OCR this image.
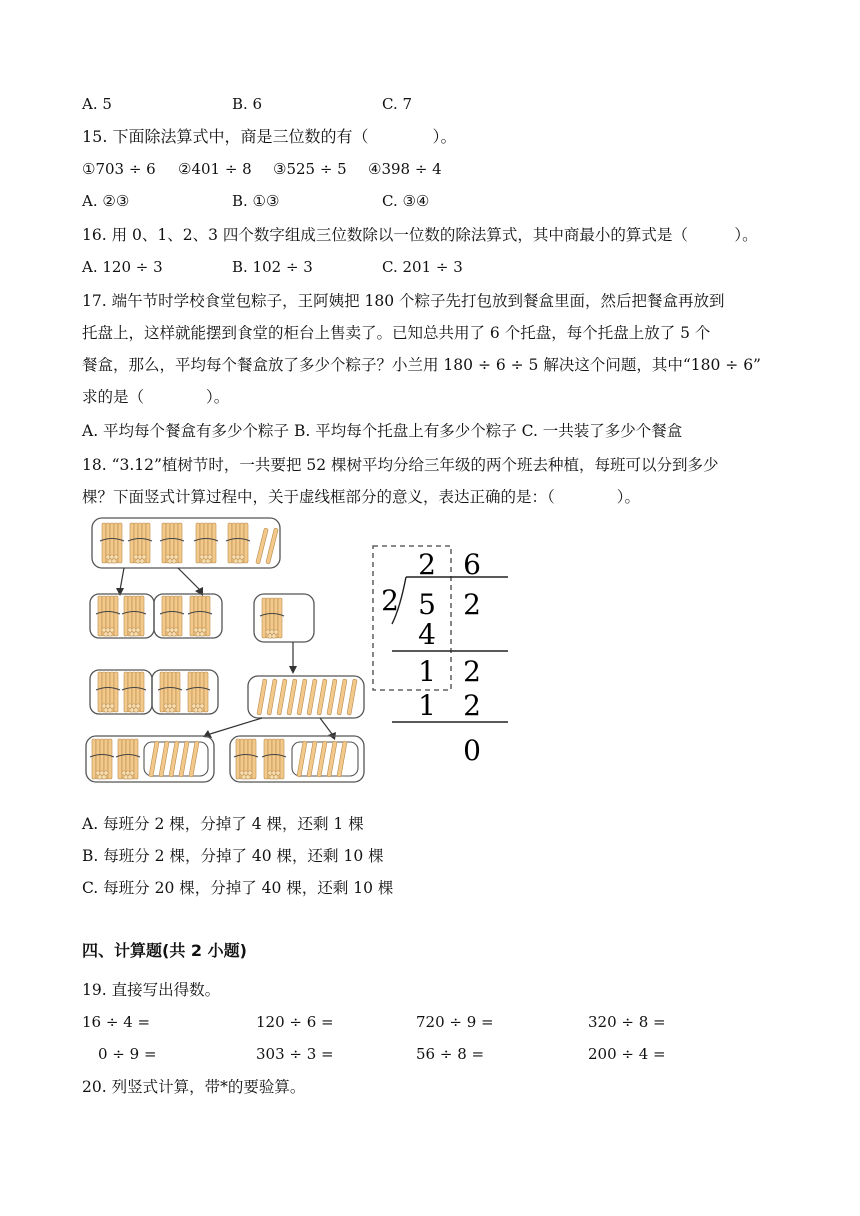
A. 5	B. 6	C. 7
15. 下面除法算式中，商是三位数的有（　　　　）。
①703 ÷ 6 ②401 ÷ 8 ③525 ÷ 5 ④398 ÷ 4
A. ②③	B. ①③	C. ③④
16. 用 0、1、2、3 四个数字组成三位数除以一位数的除法算式，其中商最小的算式是（　　　）。
A. 120 ÷ 3	B. 102 ÷ 3	C. 201 ÷ 3
17. 端午节时学校食堂包粽子，王阿姨把 180 个粽子先打包放到餐盒里面，然后把餐盒再放到
托盘上，这样就能摆到食堂的柜台上售卖了。已知总共用了 6 个托盘，每个托盘上放了 5 个
餐盒，那么，平均每个餐盒放了多少个粽子？小兰用 180 ÷ 6 ÷ 5 解决这个问题，其中“180 ÷ 6”
求的是（　　　　）。
A. 平均每个餐盒有多少个粽子 B. 平均每个托盘上有多少个粽子 C. 一共装了多少个餐盒
18. “3.12”植树节时，一共要把 52 棵树平均分给三年级的两个班去种植，每班可以分到多少
棵？下面竖式计算过程中，关于虚线框部分的意义，表达正确的是：（　　　　）。
2 6
2 5 2
4
1 2
1 2
0
A. 每班分 2 棵，分掉了 4 棵，还剩 1 棵
B. 每班分 2 棵，分掉了 40 棵，还剩 10 棵
C. 每班分 20 棵，分掉了 40 棵，还剩 10 棵
四、计算题(共 2 小题)
19. 直接写出得数。
16 ÷ 4 =	120 ÷ 6 =	720 ÷ 9 =	320 ÷ 8 =
0 ÷ 9 =	303 ÷ 3 =	56 ÷ 8 =	200 ÷ 4 =
20. 列竖式计算，带*的要验算。
